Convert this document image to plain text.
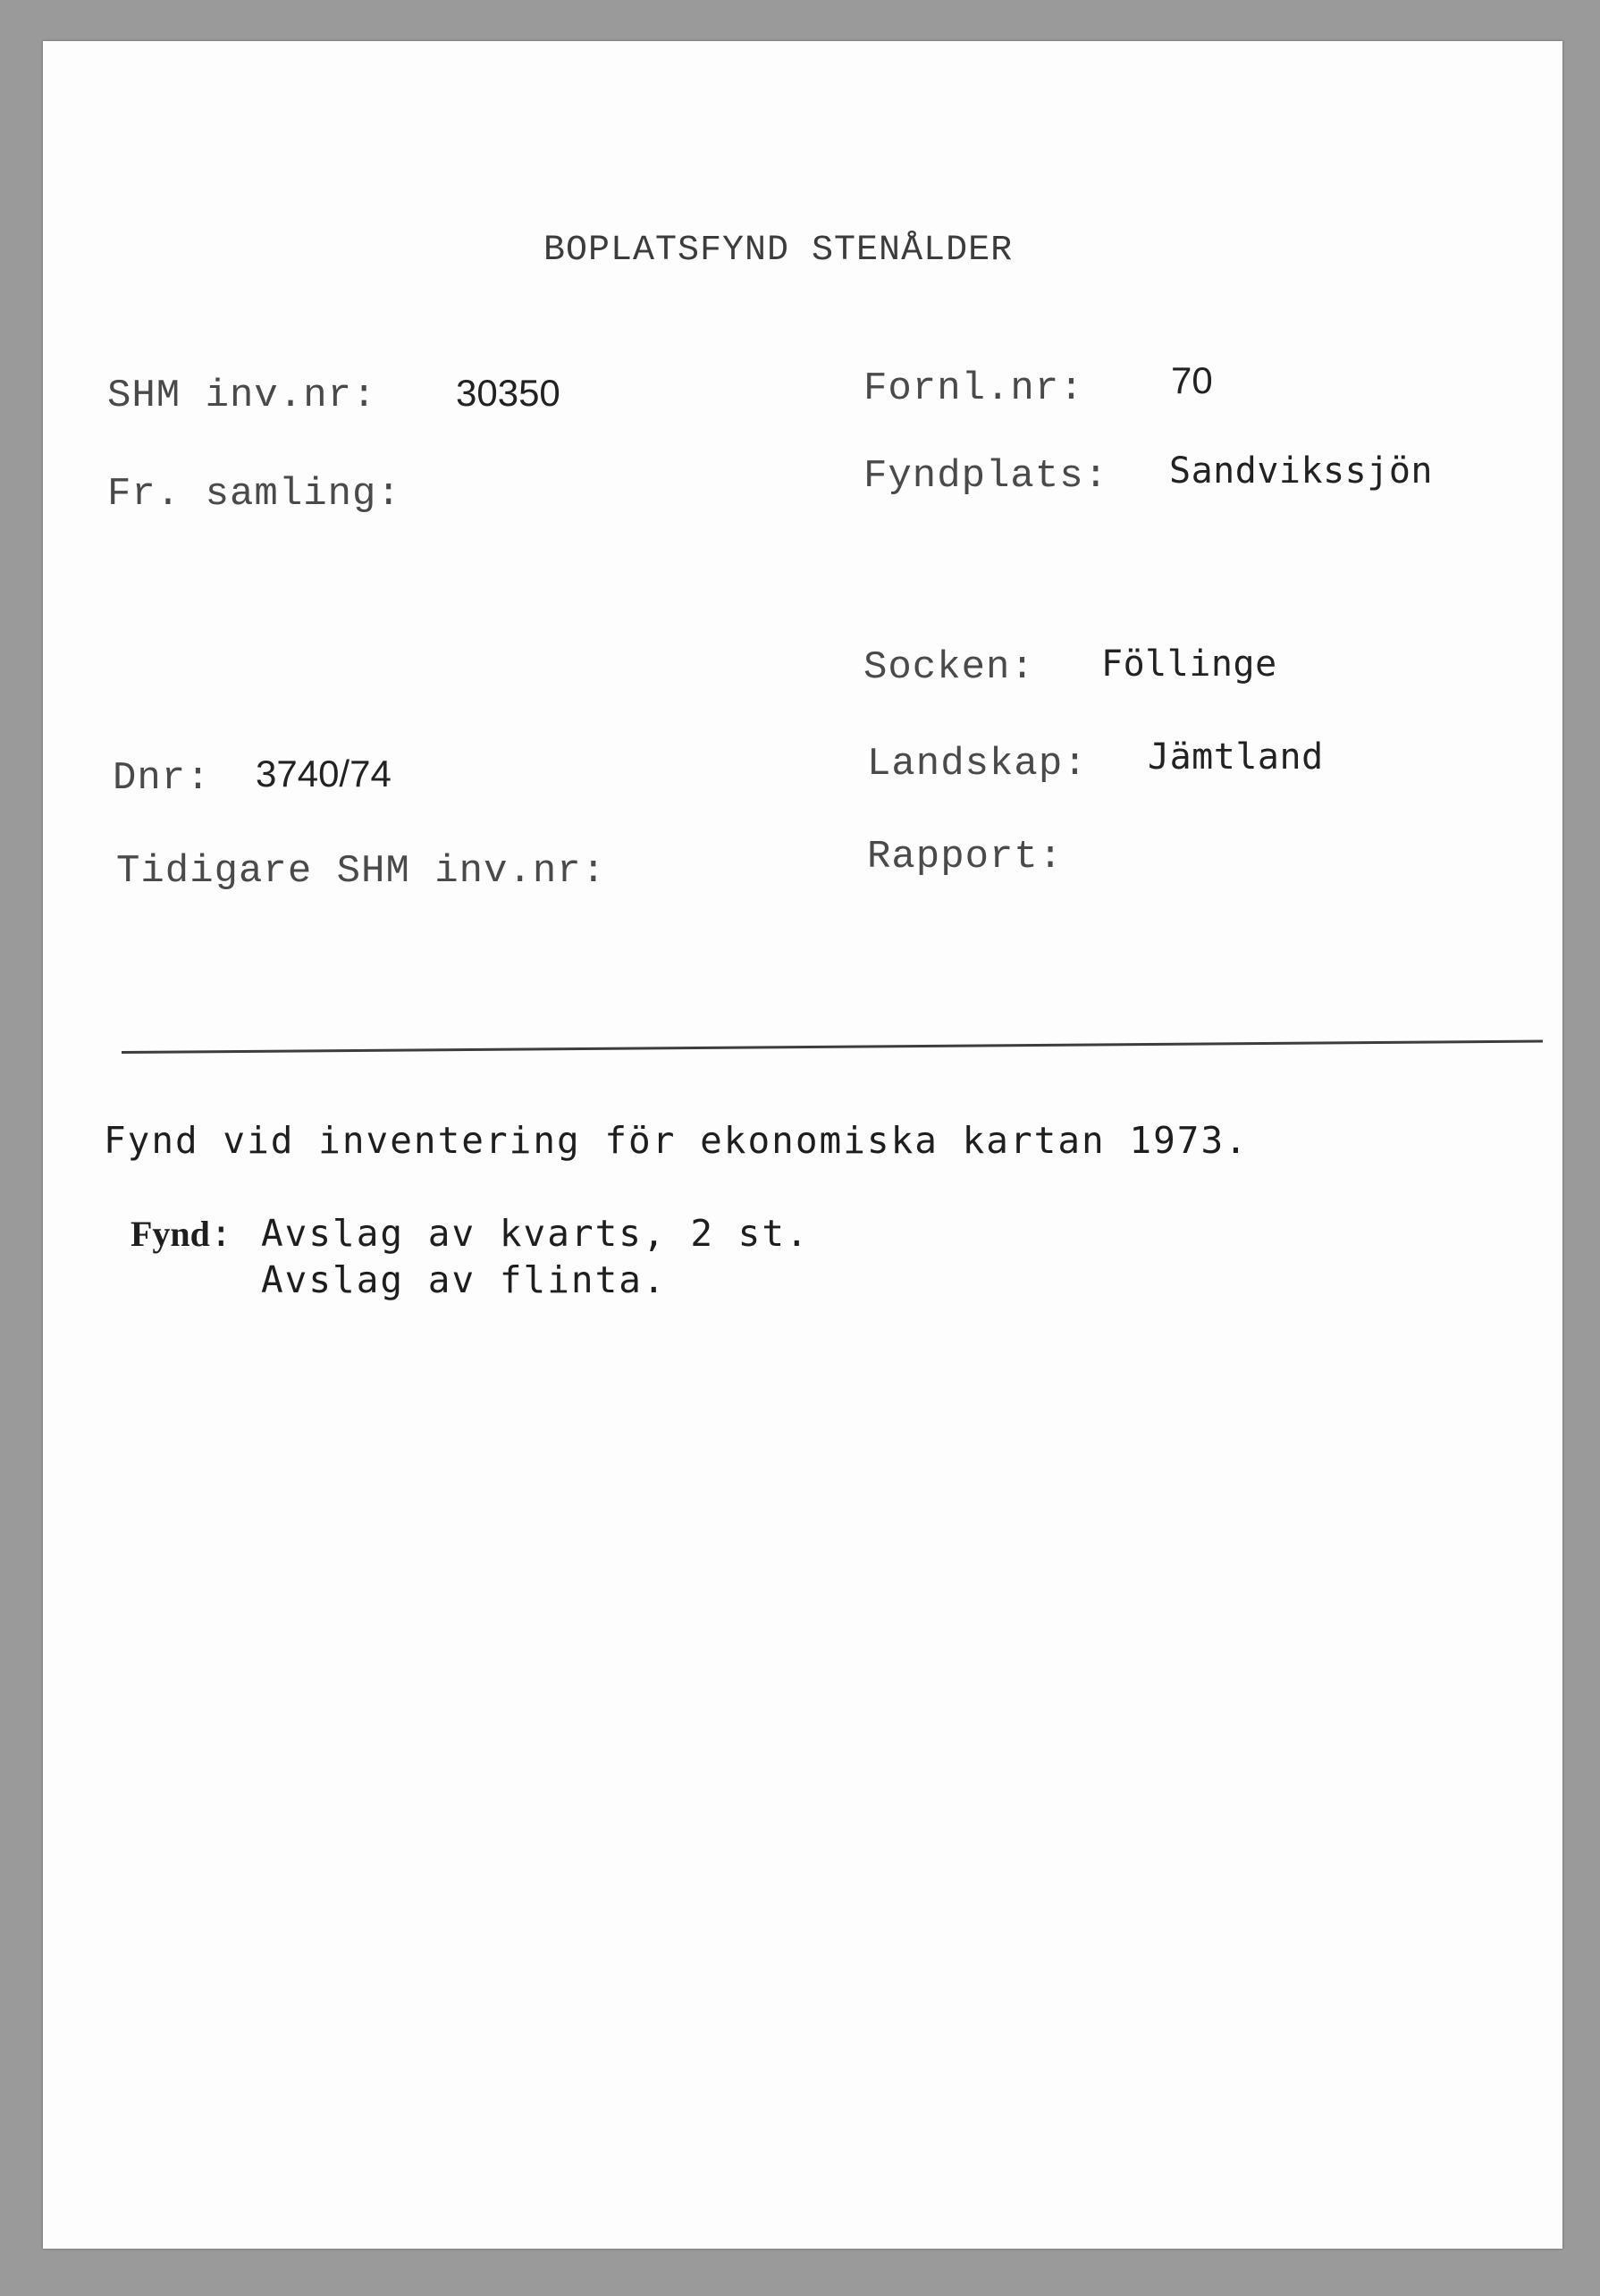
BOPLATSFYND STENÅLDER
SHM inv.nr: 30350
Fr. samling:
Dnr: 3740/74
Tidigare SHM inv.nr:
Fornl.nr: 70
Fyndplats: Sandvikssjön
Socken: Föllinge
Landskap: Jämtland
Rapport:
Fynd vid inventering för ekonomiska kartan 1973.
Fynd: Avslag av kvarts, 2 st.
Avslag av flinta.
